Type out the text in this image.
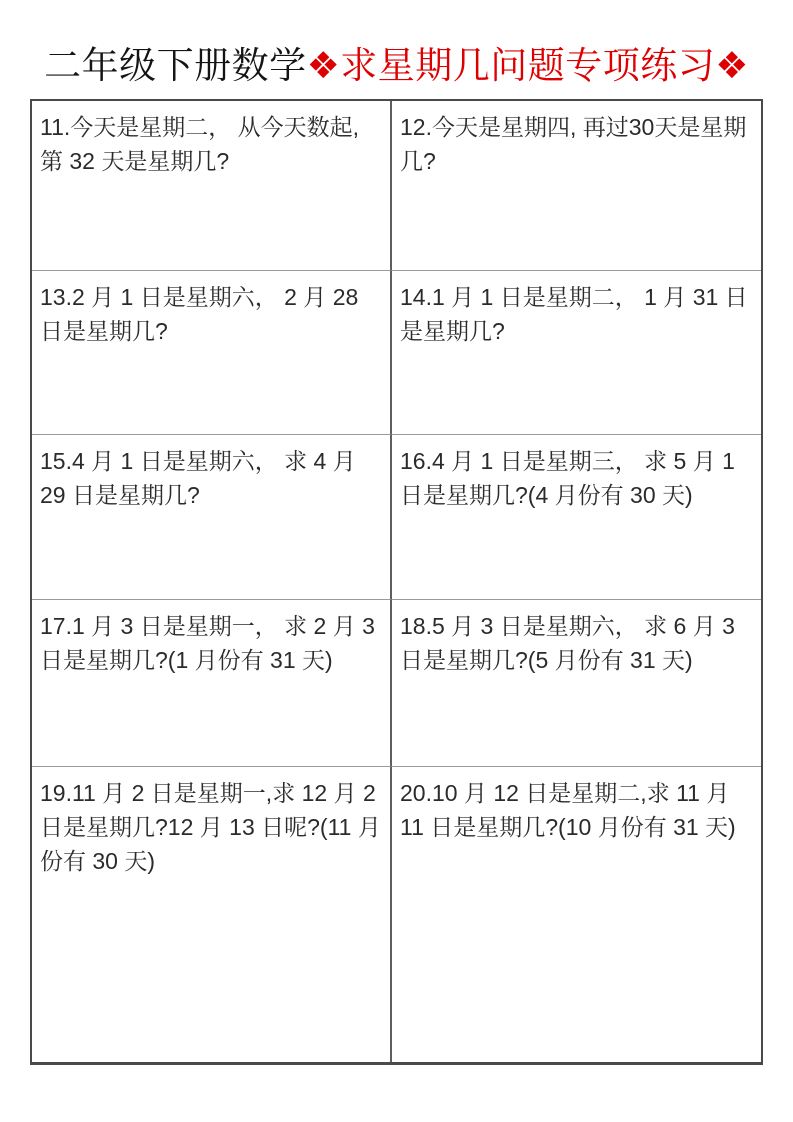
二年级下册数学❖求星期几问题专项练习❖

11.今天是星期二， 从今天数起, 第 32 天是星期几?

12.今天是星期四, 再过30天是星期几?

13.2 月 1 日是星期六， 2 月 28 日是星期几?

14.1 月 1 日是星期二， 1 月 31 日是星期几?

15.4 月 1 日是星期六， 求 4 月 29 日是星期几?

16.4 月 1 日是星期三， 求 5 月 1 日是星期几?(4 月份有 30 天)

17.1 月 3 日是星期一， 求 2 月 3 日是星期几?(1 月份有 31 天)

18.5 月 3 日是星期六， 求 6 月 3 日是星期几?(5 月份有 31 天)

19.11 月 2 日是星期一,求 12 月 2 日是星期几?12 月 13 日呢?(11 月份有 30 天)

20.10 月 12 日是星期二,求 11 月 11 日是星期几?(10 月份有 31 天)
